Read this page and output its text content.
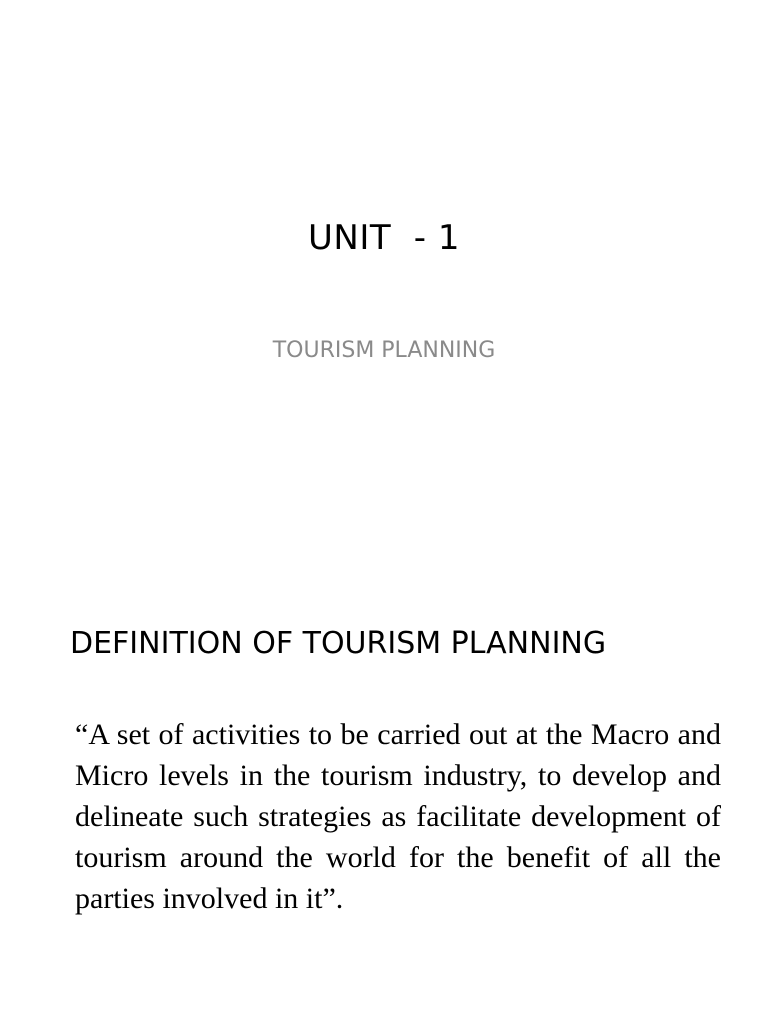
UNIT  - 1
TOURISM PLANNING
DEFINITION OF TOURISM PLANNING

“A set of activities to be carried out at the Macro and Micro levels in the tourism industry, to develop and delineate such strategies as facilitate development of tourism around the world for the benefit of all the parties involved in it”.
